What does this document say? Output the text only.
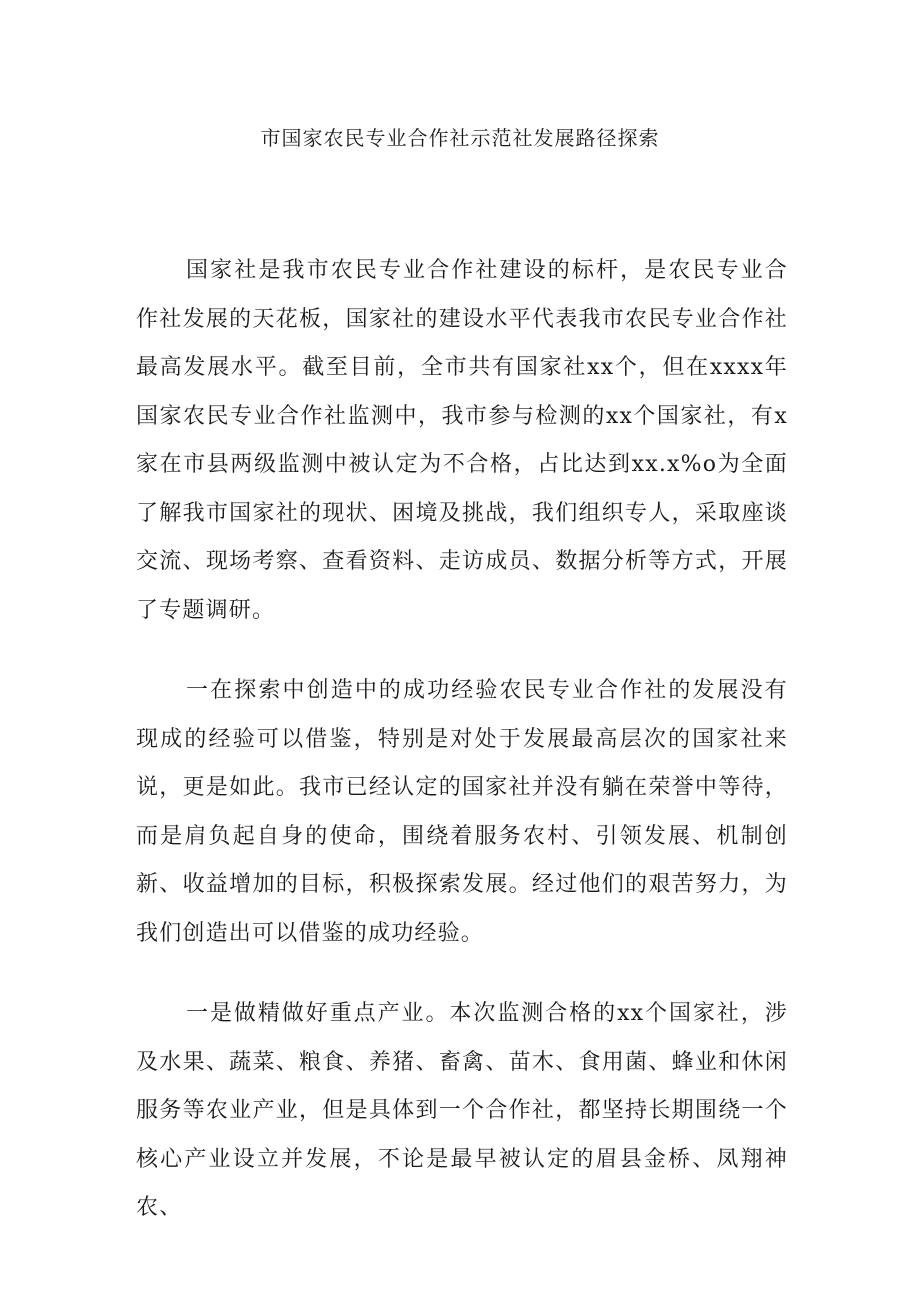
市国家农民专业合作社示范社发展路径探索

国家社是我市农民专业合作社建设的标杆，是农民专业合作社发展的天花板，国家社的建设水平代表我市农民专业合作社最高发展水平。截至目前，全市共有国家社xx个，但在xxxx年国家农民专业合作社监测中，我市参与检测的xx个国家社，有x家在市县两级监测中被认定为不合格，占比达到xx.x%o为全面了解我市国家社的现状、困境及挑战，我们组织专人，采取座谈交流、现场考察、查看资料、走访成员、数据分析等方式，开展了专题调研。

一在探索中创造中的成功经验农民专业合作社的发展没有现成的经验可以借鉴，特别是对处于发展最高层次的国家社来说，更是如此。我市已经认定的国家社并没有躺在荣誉中等待，而是肩负起自身的使命，围绕着服务农村、引领发展、机制创新、收益增加的目标，积极探索发展。经过他们的艰苦努力，为我们创造出可以借鉴的成功经验。

一是做精做好重点产业。本次监测合格的xx个国家社，涉及水果、蔬菜、粮食、养猪、畜禽、苗木、食用菌、蜂业和休闲服务等农业产业，但是具体到一个合作社，都坚持长期围绕一个核心产业设立并发展，不论是最早被认定的眉县金桥、凤翔神农、
